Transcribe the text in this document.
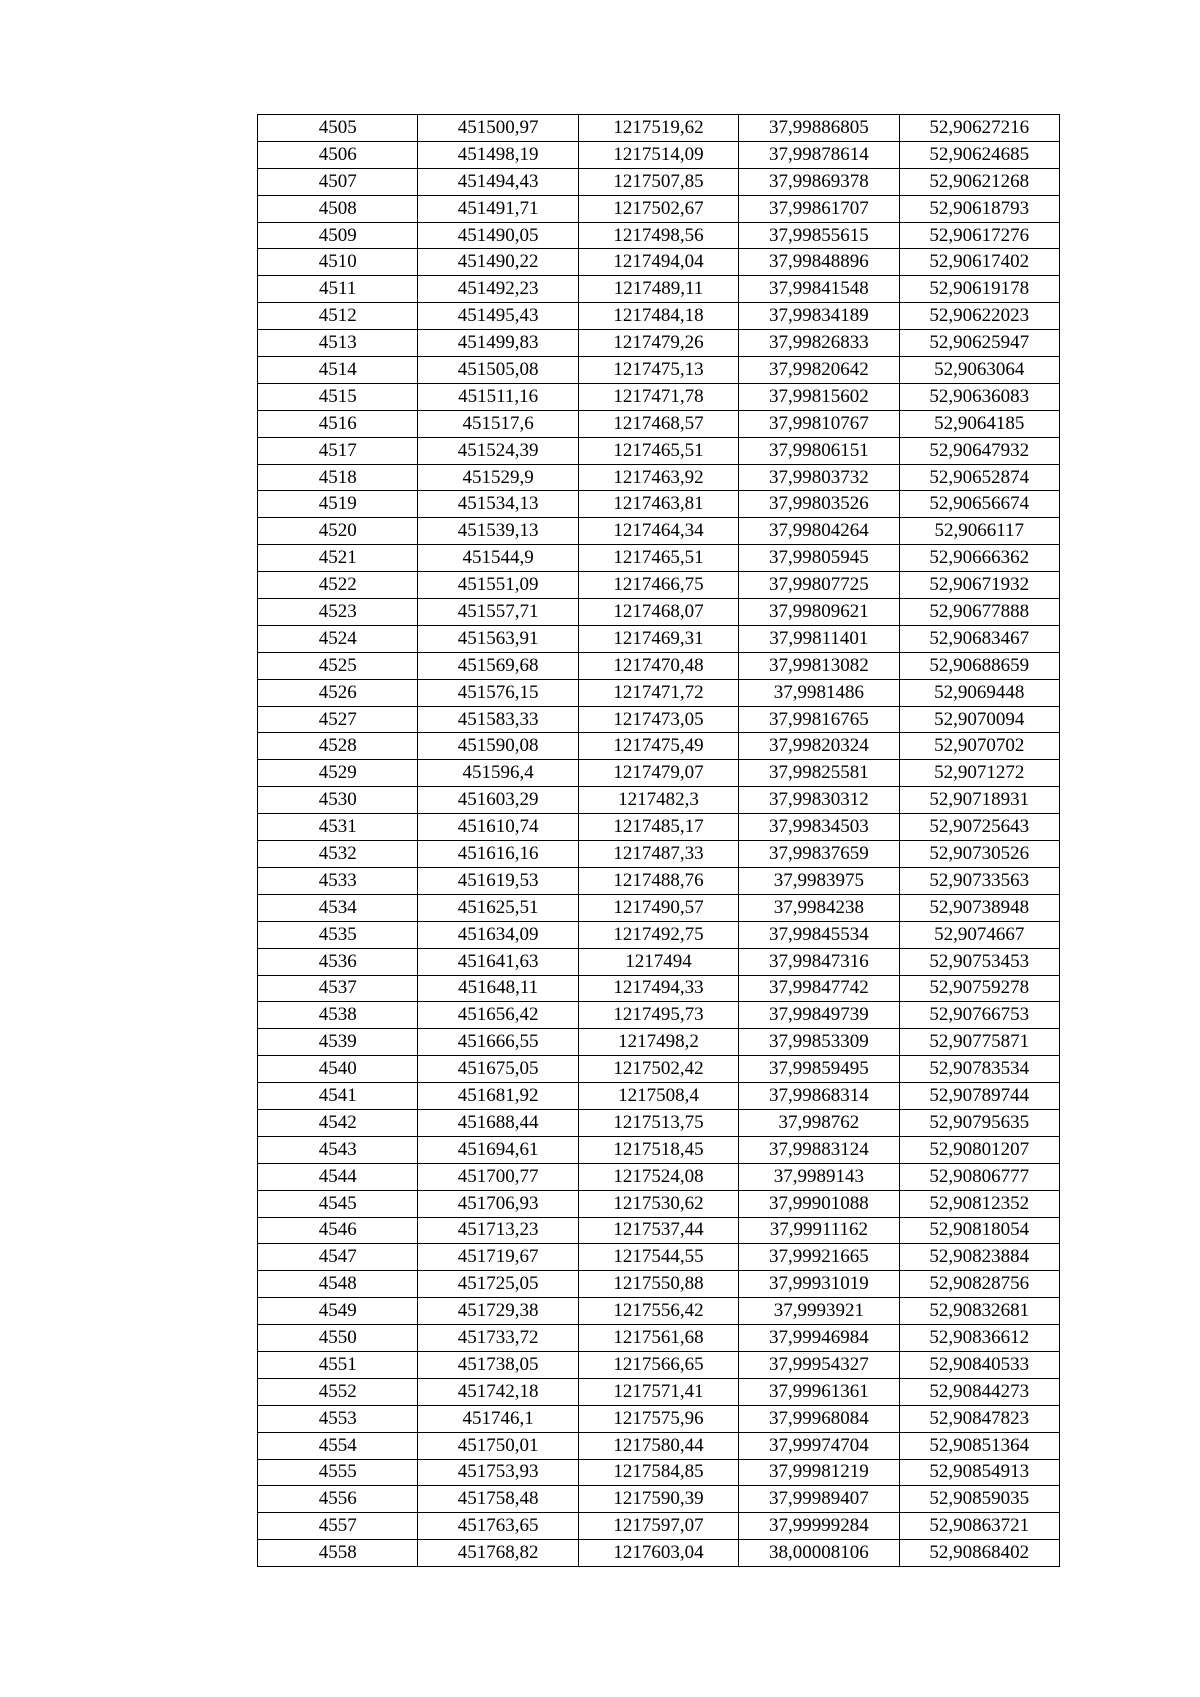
4505	451500,97	1217519,62	37,99886805	52,90627216
4506	451498,19	1217514,09	37,99878614	52,90624685
4507	451494,43	1217507,85	37,99869378	52,90621268
4508	451491,71	1217502,67	37,99861707	52,90618793
4509	451490,05	1217498,56	37,99855615	52,90617276
4510	451490,22	1217494,04	37,99848896	52,90617402
4511	451492,23	1217489,11	37,99841548	52,90619178
4512	451495,43	1217484,18	37,99834189	52,90622023
4513	451499,83	1217479,26	37,99826833	52,90625947
4514	451505,08	1217475,13	37,99820642	52,9063064
4515	451511,16	1217471,78	37,99815602	52,90636083
4516	451517,6	1217468,57	37,99810767	52,9064185
4517	451524,39	1217465,51	37,99806151	52,90647932
4518	451529,9	1217463,92	37,99803732	52,90652874
4519	451534,13	1217463,81	37,99803526	52,90656674
4520	451539,13	1217464,34	37,99804264	52,9066117
4521	451544,9	1217465,51	37,99805945	52,90666362
4522	451551,09	1217466,75	37,99807725	52,90671932
4523	451557,71	1217468,07	37,99809621	52,90677888
4524	451563,91	1217469,31	37,99811401	52,90683467
4525	451569,68	1217470,48	37,99813082	52,90688659
4526	451576,15	1217471,72	37,9981486	52,9069448
4527	451583,33	1217473,05	37,99816765	52,9070094
4528	451590,08	1217475,49	37,99820324	52,9070702
4529	451596,4	1217479,07	37,99825581	52,9071272
4530	451603,29	1217482,3	37,99830312	52,90718931
4531	451610,74	1217485,17	37,99834503	52,90725643
4532	451616,16	1217487,33	37,99837659	52,90730526
4533	451619,53	1217488,76	37,9983975	52,90733563
4534	451625,51	1217490,57	37,9984238	52,90738948
4535	451634,09	1217492,75	37,99845534	52,9074667
4536	451641,63	1217494	37,99847316	52,90753453
4537	451648,11	1217494,33	37,99847742	52,90759278
4538	451656,42	1217495,73	37,99849739	52,90766753
4539	451666,55	1217498,2	37,99853309	52,90775871
4540	451675,05	1217502,42	37,99859495	52,90783534
4541	451681,92	1217508,4	37,99868314	52,90789744
4542	451688,44	1217513,75	37,998762	52,90795635
4543	451694,61	1217518,45	37,99883124	52,90801207
4544	451700,77	1217524,08	37,9989143	52,90806777
4545	451706,93	1217530,62	37,99901088	52,90812352
4546	451713,23	1217537,44	37,99911162	52,90818054
4547	451719,67	1217544,55	37,99921665	52,90823884
4548	451725,05	1217550,88	37,99931019	52,90828756
4549	451729,38	1217556,42	37,9993921	52,90832681
4550	451733,72	1217561,68	37,99946984	52,90836612
4551	451738,05	1217566,65	37,99954327	52,90840533
4552	451742,18	1217571,41	37,99961361	52,90844273
4553	451746,1	1217575,96	37,99968084	52,90847823
4554	451750,01	1217580,44	37,99974704	52,90851364
4555	451753,93	1217584,85	37,99981219	52,90854913
4556	451758,48	1217590,39	37,99989407	52,90859035
4557	451763,65	1217597,07	37,99999284	52,90863721
4558	451768,82	1217603,04	38,00008106	52,90868402
